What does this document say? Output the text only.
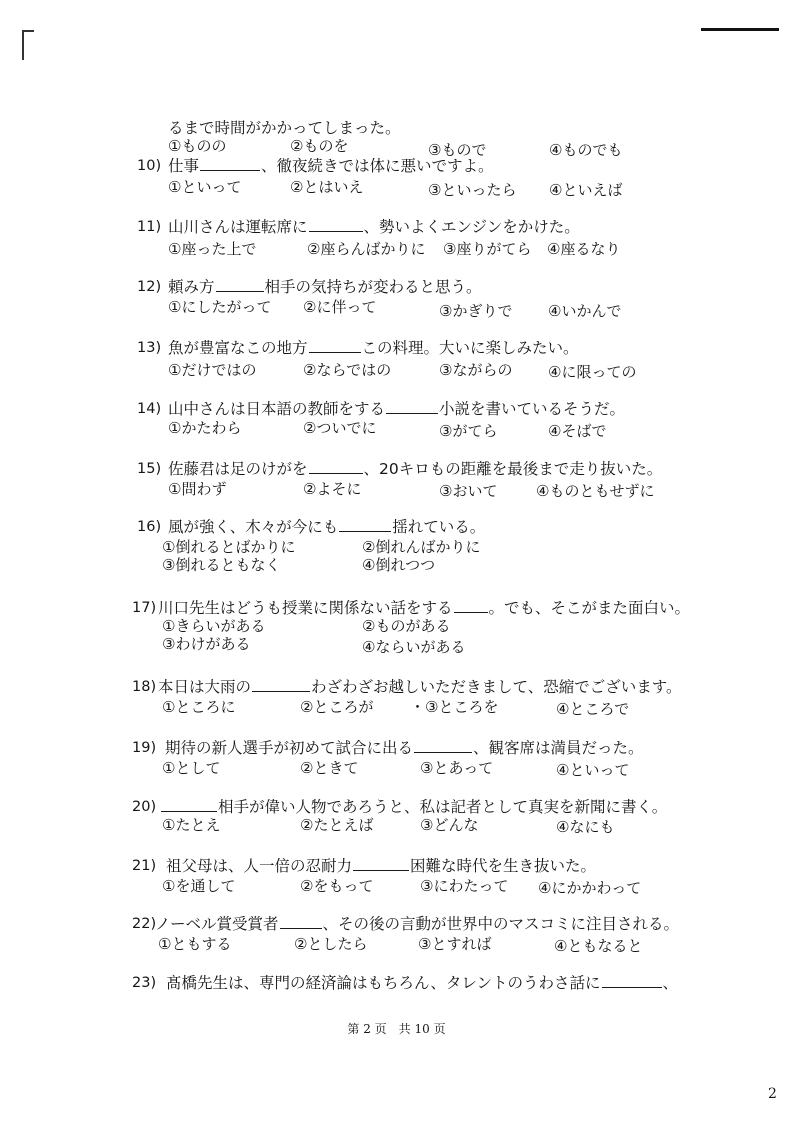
るまで時間がかかってしまった。
①ものの	②ものを	③もので	④ものでも
10) 仕事	、徹夜続きでは体に悪いですよ。
①といって	②とはいえ	③といったら ④といえば
11) 山川さんは運転席に	、勢いよくエンジンをかけた。
①座った上で	②座らんばかりに ③座りがてら ④座るなり
12) 頼み方	相手の気持ちが変わると思う。
①にしたがって ②に伴って	③かぎりで ④いかんで
13) 魚が豊富なこの地方	この料理。大いに楽しみたい。
①だけではの	②ならではの	③ながらの ④に限っての
14) 山中さんは日本語の教師をする	小説を書いているそうだ。
①かたわら	②ついでに	③がてら	④そばで
15) 佐藤君は足のけがを	、20キロもの距離を最後まで走り抜いた。
①問わず	②よそに	③おいて	④ものともせずに
16) 風が強く、木々が今にも	揺れている。
①倒れるとばかりに	②倒れんばかりに
③倒れるともなく	④倒れつつ
17) 川口先生はどうも授業に関係ない話をする 。でも、そこがまた面白い。
①きらいがある	②ものがある
③わけがある	④ならいがある
18) 本日は大雨の	わざわざお越しいただきまして、恐縮でございます。
①ところに	②ところが ・③ところを	④ところで
19) 期待の新人選手が初めて試合に出る	、観客席は満員だった。
①として	②ときて	③とあって	④といって
20)	相手が偉い人物であろうと、私は記者として真実を新聞に書く。
①たとえ	②たとえば	③どんな	④なにも
21) 祖父母は、人一倍の忍耐力	困難な時代を生き抜いた。
①を通して	②をもって	③にわたって ④にかかわって
22)
ノーベル賞受賞者	、その後の言動が世界中のマスコミに注目される。
①ともする	②としたら	③とすれば	④ともなると
23) 髙橋先生は、専門の経済論はもちろん、タレントのうわさ話に	、
第 2 页　共 10 页
2
